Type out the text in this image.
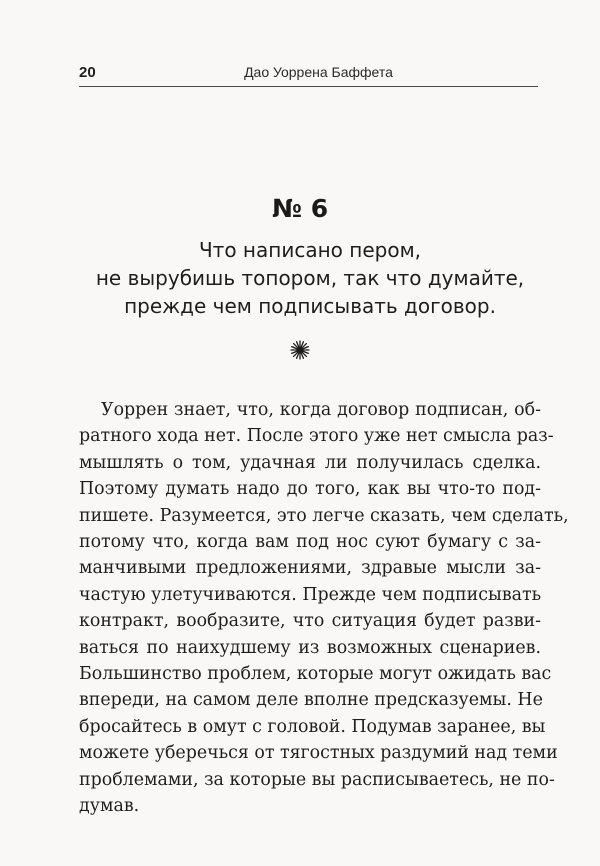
20	Дао Уоррена Баффета
№ 6
Что написано пером,
не вырубишь топором, так что думайте,
прежде чем подписывать договор.
Уоррен знает, что, когда договор подписан, об-
ратного хода нет. После этого уже нет смысла раз-
мышлять о том, удачная ли получилась сделка.
Поэтому думать надо до того, как вы что-то под-
пишете. Разумеется, это легче сказать, чем сделать,
потому что, когда вам под нос суют бумагу с за-
манчивыми предложениями, здравые мысли за-
частую улетучиваются. Прежде чем подписывать
контракт, вообразите, что ситуация будет разви-
ваться по наихудшему из возможных сценариев.
Большинство проблем, которые могут ожидать вас
впереди, на самом деле вполне предсказуемы. Не
бросайтесь в омут с головой. Подумав заранее, вы
можете уберечься от тягостных раздумий над теми
проблемами, за которые вы расписываетесь, не по-
думав.
